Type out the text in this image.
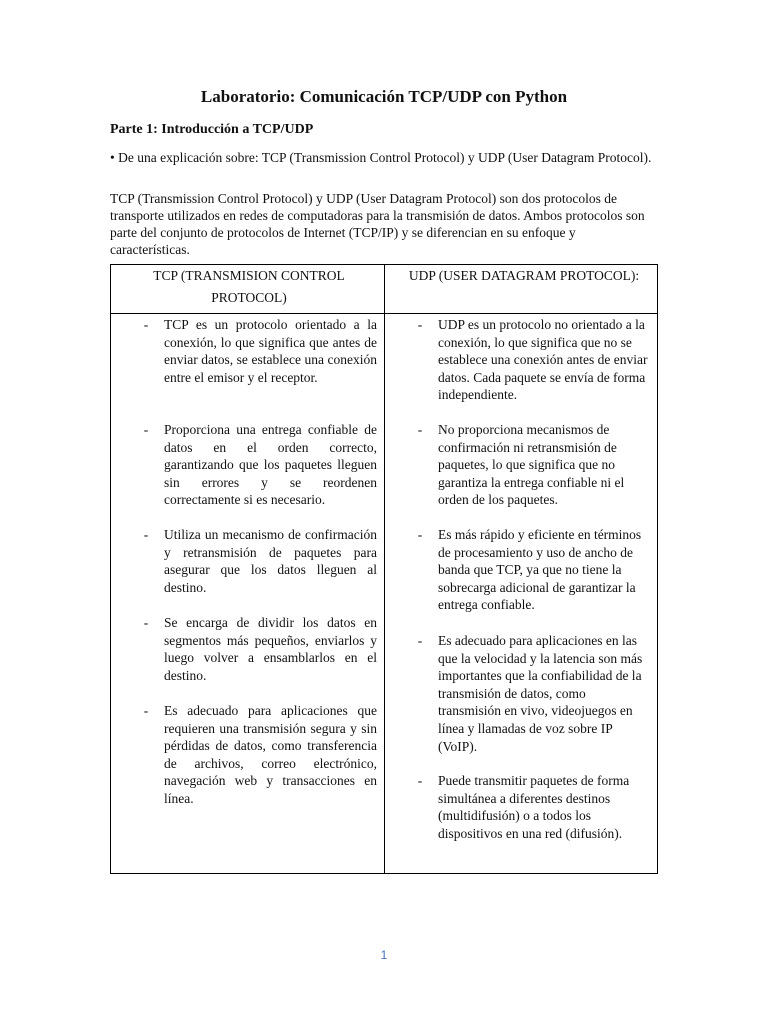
Laboratorio: Comunicación TCP/UDP con Python
Parte 1: Introducción a TCP/UDP
• De una explicación sobre: TCP (Transmission Control Protocol) y UDP (User Datagram Protocol).
TCP (Transmission Control Protocol) y UDP (User Datagram Protocol) son dos protocolos de transporte utilizados en redes de computadoras para la transmisión de datos. Ambos protocolos son parte del conjunto de protocolos de Internet (TCP/IP) y se diferencian en su enfoque y características.
TCP (TRANSMISION CONTROL
PROTOCOL)
UDP (USER DATAGRAM PROTOCOL):
- TCP es un protocolo orientado a la conexión, lo que significa que antes de enviar datos, se establece una conexión entre el emisor y el receptor.
- Proporciona una entrega confiable de datos en el orden correcto, garantizando que los paquetes lleguen sin errores y se reordenen correctamente si es necesario.
- Utiliza un mecanismo de confirmación y retransmisión de paquetes para asegurar que los datos lleguen al destino.
- Se encarga de dividir los datos en segmentos más pequeños, enviarlos y luego volver a ensamblarlos en el destino.
- Es adecuado para aplicaciones que requieren una transmisión segura y sin pérdidas de datos, como transferencia de archivos, correo electrónico, navegación web y transacciones en línea.
- UDP es un protocolo no orientado a la conexión, lo que significa que no se establece una conexión antes de enviar datos. Cada paquete se envía de forma independiente.
- No proporciona mecanismos de confirmación ni retransmisión de paquetes, lo que significa que no garantiza la entrega confiable ni el orden de los paquetes.
- Es más rápido y eficiente en términos de procesamiento y uso de ancho de banda que TCP, ya que no tiene la sobrecarga adicional de garantizar la entrega confiable.
- Es adecuado para aplicaciones en las que la velocidad y la latencia son más importantes que la confiabilidad de la transmisión de datos, como transmisión en vivo, videojuegos en línea y llamadas de voz sobre IP (VoIP).
- Puede transmitir paquetes de forma simultánea a diferentes destinos (multidifusión) o a todos los dispositivos en una red (difusión).
1
